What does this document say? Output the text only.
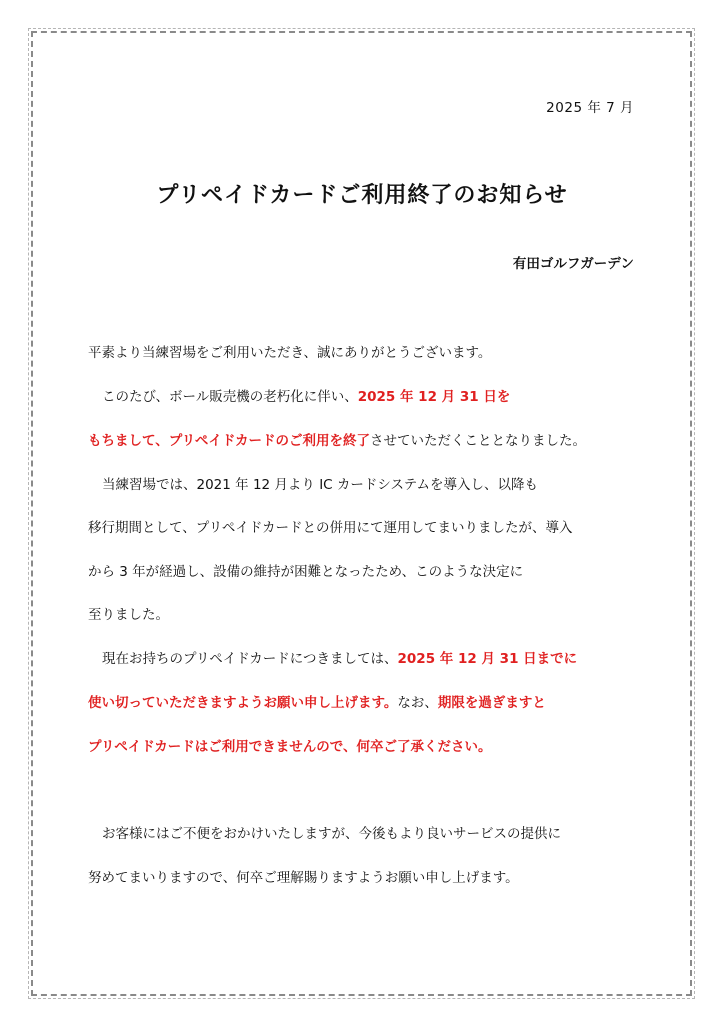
2025 年 7 月
プリペイドカードご利用終了のお知らせ
有田ゴルフガーデン
平素より当練習場をご利用いただき、誠にありがとうございます。
このたび、ボール販売機の老朽化に伴い、2025 年 12 月 31 日を
もちまして、プリペイドカードのご利用を終了させていただくこととなりました。
当練習場では、2021 年 12 月より IC カードシステムを導入し、以降も
移行期間として、プリペイドカードとの併用にて運用してまいりましたが、導入
から 3 年が経過し、設備の維持が困難となったため、このような決定に
至りました。
現在お持ちのプリペイドカードにつきましては、2025 年 12 月 31 日までに
使い切っていただきますようお願い申し上げます。なお、期限を過ぎますと
プリペイドカードはご利用できませんので、何卒ご了承ください。
お客様にはご不便をおかけいたしますが、今後もより良いサービスの提供に
努めてまいりますので、何卒ご理解賜りますようお願い申し上げます。
